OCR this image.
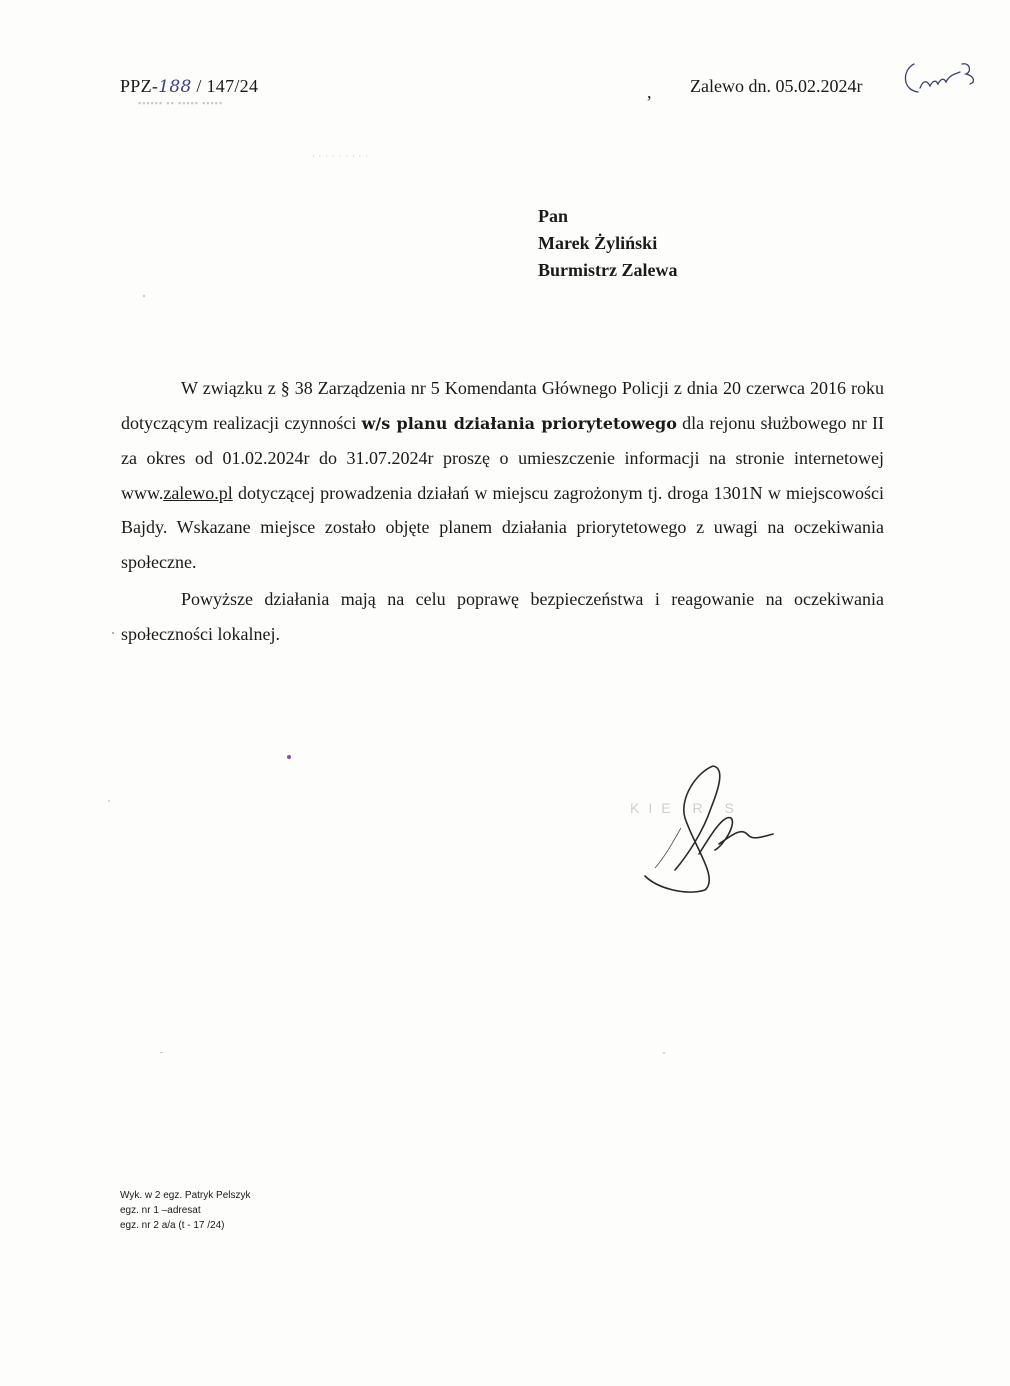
PPZ-188 / 147/24
▪▪▪▪▪▪ ▪▪ ▪▪▪▪▪ ▪▪▪▪▪
· · · · · · · · ·
, Zalewo dn. 05.02.2024r
Pan
Marek Żyliński
Burmistrz Zalewa

W związku z § 38 Zarządzenia nr 5 Komendanta Głównego Policji z dnia 20 czerwca 2016 roku dotyczącym realizacji czynności w/s planu działania priorytetowego dla rejonu służbowego nr II za okres od 01.02.2024r do 31.07.2024r proszę o umieszczenie informacji na stronie internetowej www.zalewo.pl dotyczącej prowadzenia działań w miejscu zagrożonym tj. droga 1301N w miejscowości Bajdy. Wskazane miejsce zostało objęte planem działania priorytetowego z uwagi na oczekiwania społeczne.

Powyższe działania mają na celu poprawę bezpieczeństwa i reagowanie na oczekiwania społeczności lokalnej.

KIE R S
Wyk. w 2 egz. Patryk Pelszyk
egz. nr 1 –adresat
egz. nr 2 a/a (t - 17 /24)
